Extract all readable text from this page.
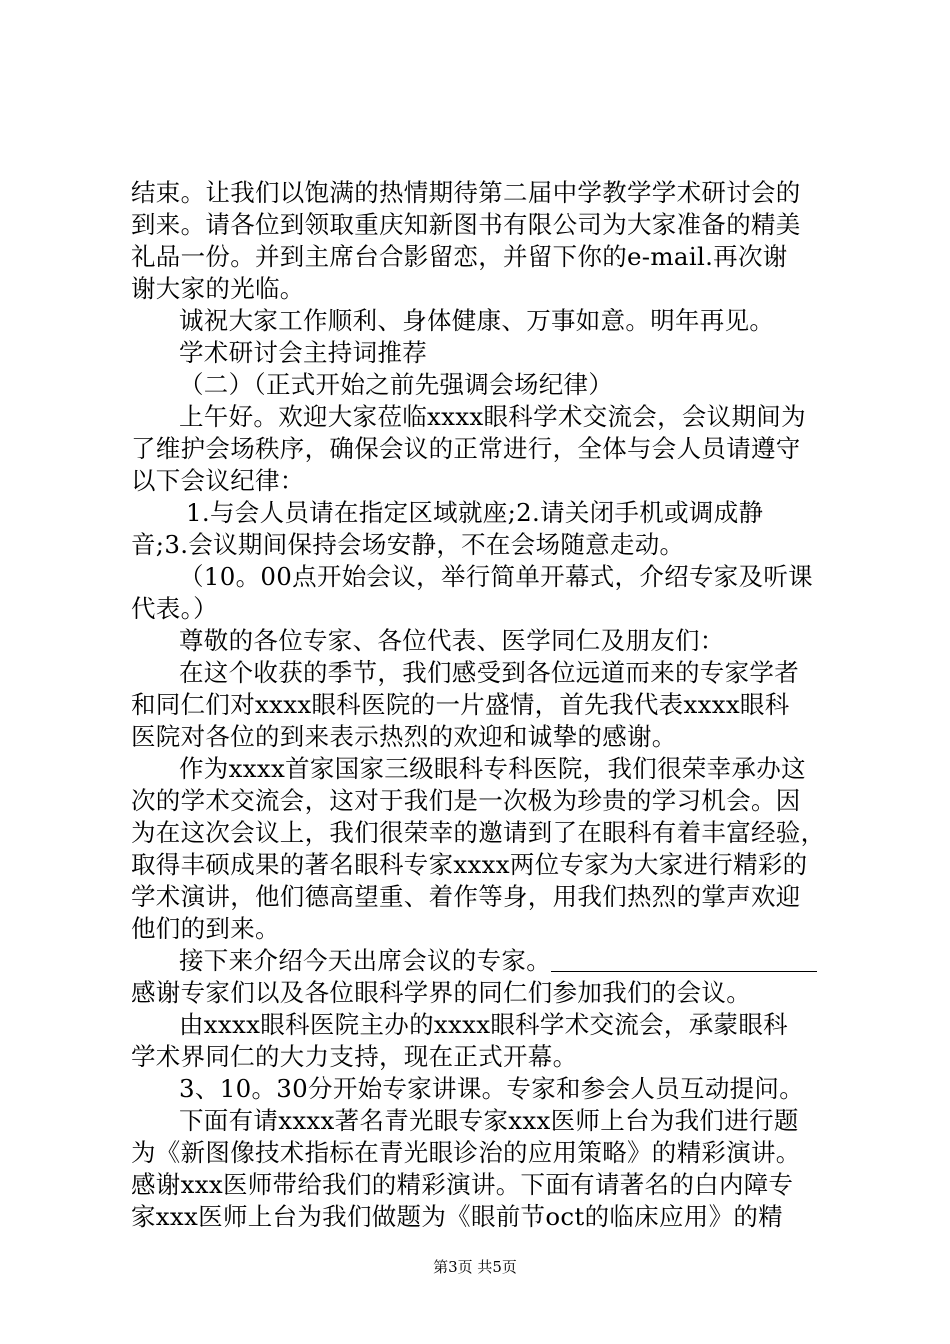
结束。让我们以饱满的热情期待第二届中学教学学术研讨会的
到来。请各位到领取重庆知新图书有限公司为大家准备的精美
礼品一份。并到主席台合影留恋，并留下你的e-mail.再次谢
谢大家的光临。
诚祝大家工作顺利、身体健康、万事如意。明年再见。
学术研讨会主持词推荐
（二）（正式开始之前先强调会场纪律）
上午好。欢迎大家莅临xxxx眼科学术交流会，会议期间为
了维护会场秩序，确保会议的正常进行，全体与会人员请遵守
以下会议纪律：
1.与会人员请在指定区域就座;2.请关闭手机或调成静
音;3.会议期间保持会场安静，不在会场随意走动。
（10。00点开始会议，举行简单开幕式，介绍专家及听课
代表。）
尊敬的各位专家、各位代表、医学同仁及朋友们：
在这个收获的季节，我们感受到各位远道而来的专家学者
和同仁们对xxxx眼科医院的一片盛情，首先我代表xxxx眼科
医院对各位的到来表示热烈的欢迎和诚挚的感谢。
作为xxxx首家国家三级眼科专科医院，我们很荣幸承办这
次的学术交流会，这对于我们是一次极为珍贵的学习机会。因
为在这次会议上，我们很荣幸的邀请到了在眼科有着丰富经验，
取得丰硕成果的著名眼科专家xxxx两位专家为大家进行精彩的
学术演讲，他们德高望重、着作等身，用我们热烈的掌声欢迎
他们的到来。
接下来介绍今天出席会议的专家。
感谢专家们以及各位眼科学界的同仁们参加我们的会议。
由xxxx眼科医院主办的xxxx眼科学术交流会，承蒙眼科
学术界同仁的大力支持，现在正式开幕。
3、10。30分开始专家讲课。专家和参会人员互动提问。
下面有请xxxx著名青光眼专家xxx医师上台为我们进行题
为《新图像技术指标在青光眼诊治的应用策略》的精彩演讲。
感谢xxx医师带给我们的精彩演讲。下面有请著名的白内障专
家xxx医师上台为我们做题为《眼前节oct的临床应用》的精
第3页 共5页
